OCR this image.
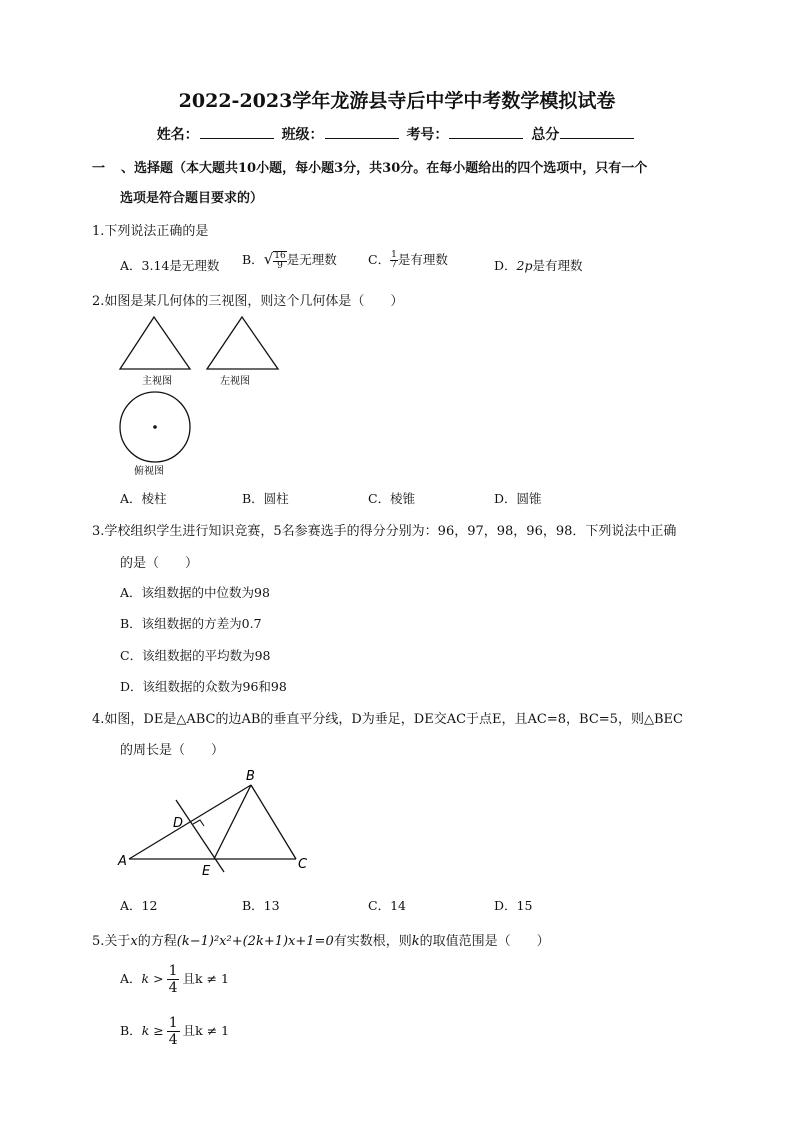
2022-2023学年龙游县寺后中学中考数学模拟试卷
姓名：	班级：	考号：	总分
一 、选择题（本大题共10小题，每小题3分，共30分。在每小题给出的四个选项中，只有一个
选项是符合题目要求的）
1.下列说法正确的是
A．3.14是无理数 B．√ $\frac{16}{9}$ 是无理数	C． $\frac{1}{7}$ 是有理数	D．2p是有理数
2.如图是某几何体的三视图，则这个几何体是（　　）
主视图	左视图
俯视图
A．棱柱	B．圆柱	C．棱锥	D．圆锥
3.学校组织学生进行知识竞赛，5名参赛选手的得分分别为：96，97，98，96，98．下列说法中正确
的是（　　）
A．该组数据的中位数为98
B．该组数据的方差为0.7
C．该组数据的平均数为98
D．该组数据的众数为96和98
4.如图，DE是△ABC的边AB的垂直平分线，D为垂足，DE交AC于点E，且AC=8，BC=5，则△BEC
的周长是（　　）
A
B
C
D
E
A．12	B．13	C．14	D．15
5.关于x的方程(k−1)²x²+(2k+1)x+1=0有实数根，则k的取值范围是（　　）
A．$k > \frac{1}{4}$ 且k ≠ 1
B．$k \ge \frac{1}{4}$ 且k ≠ 1
